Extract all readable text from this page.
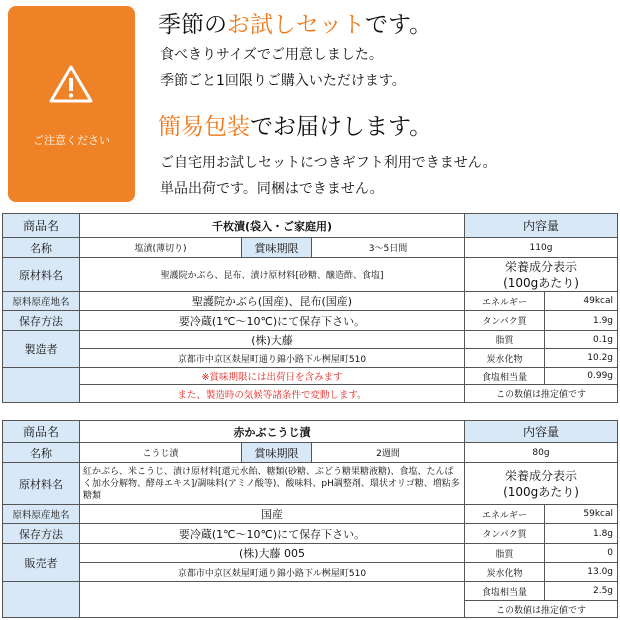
ご注意ください
季節のお試しセットです。
食べきりサイズでご用意しました。
季節ごと1回限りご購入いただけます。
簡易包装でお届けします。
ご自宅用お試しセットにつきギフト利用できません。
単品出荷です。同梱はできません。
商品名	千枚漬(袋入・ご家庭用)			内容量	
名称	塩漬(薄切り)	賞味期限	3〜5日間	110g	
原材料名	聖護院かぶら、昆布、漬け原材料[砂糖、醸造酢、食塩]			栄養成分表示
(100gあたり)	
原料原産地名	聖護院かぶら(国産)、昆布(国産)			エネルギー	49kcal
保存方法	要冷蔵(1℃〜10℃)にて保存下さい。			タンパク質	1.9g
製造者	(株)大藤			脂質	0.1g
	京都市中京区麸屋町通り錦小路下ル桝屋町510			炭水化物	10.2g
	※賞味期限には出荷日を含みます			食塩相当量	0.99g
	また、製造時の気候等諸条件で変動します。			この数値は推定値です	
商品名	赤かぶこうじ漬			内容量	
名称	こうじ漬	賞味期限	2週間	80g	
原材料名	紅かぶら、米こうじ、漬け原材料[還元水飴、糖類(砂糖、ぶどう糖果糖液糖)、食塩、たんぱく加水分解物、酵母エキス]/調味料(アミノ酸等)、酸味料、pH調整剤、環状オリゴ糖、増粘多糖類			栄養成分表示
(100gあたり)	
原料原産地名	国産			エネルギー	59kcal
保存方法	要冷蔵(1℃〜10℃)にて保存下さい。			タンパク質	1.8g
販売者	(株)大藤 005			脂質	0
	京都市中京区麸屋町通り錦小路下ル桝屋町510			炭水化物	13.0g
				食塩相当量	2.5g
				この数値は推定値です	
